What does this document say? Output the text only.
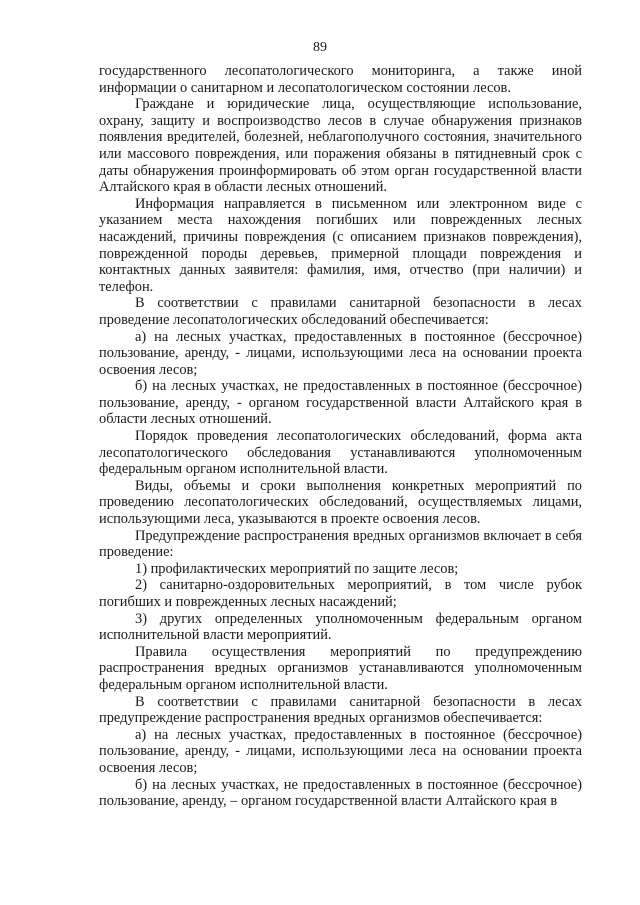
89

государственного лесопатологического мониторинга, а также иной информации о санитарном и лесопатологическом состоянии лесов.

Граждане и юридические лица, осуществляющие использование, охрану, защиту и воспроизводство лесов в случае обнаружения признаков появления вредителей, болезней, неблагополучного состояния, значительного или массового повреждения, или поражения обязаны в пятидневный срок с даты обнаружения проинформировать об этом орган государственной власти Алтайского края в области лесных отношений.

Информация направляется в письменном или электронном виде с указанием места нахождения погибших или поврежденных лесных насаждений, причины повреждения (с описанием признаков повреждения), поврежденной породы деревьев, примерной площади повреждения и контактных данных заявителя: фамилия, имя, отчество (при наличии) и телефон.

В соответствии с правилами санитарной безопасности в лесах проведение лесопатологических обследований обеспечивается:

а) на лесных участках, предоставленных в постоянное (бессрочное) пользование, аренду, - лицами, использующими леса на основании проекта освоения лесов;

б) на лесных участках, не предоставленных в постоянное (бессрочное) пользование, аренду, - органом государственной власти Алтайского края в области лесных отношений.

Порядок проведения лесопатологических обследований, форма акта лесопатологического обследования устанавливаются уполномоченным федеральным органом исполнительной власти.

Виды, объемы и сроки выполнения конкретных мероприятий по проведению лесопатологических обследований, осуществляемых лицами, использующими леса, указываются в проекте освоения лесов.

Предупреждение распространения вредных организмов включает в себя проведение:

1) профилактических мероприятий по защите лесов;

2) санитарно-оздоровительных мероприятий, в том числе рубок погибших и поврежденных лесных насаждений;

3) других определенных уполномоченным федеральным органом исполнительной власти мероприятий.

Правила осуществления мероприятий по предупреждению распространения вредных организмов устанавливаются уполномоченным федеральным органом исполнительной власти.

В соответствии с правилами санитарной безопасности в лесах предупреждение распространения вредных организмов обеспечивается:

а) на лесных участках, предоставленных в постоянное (бессрочное) пользование, аренду, - лицами, использующими леса на основании проекта освоения лесов;

б) на лесных участках, не предоставленных в постоянное (бессрочное) пользование, аренду, – органом государственной власти Алтайского края в
